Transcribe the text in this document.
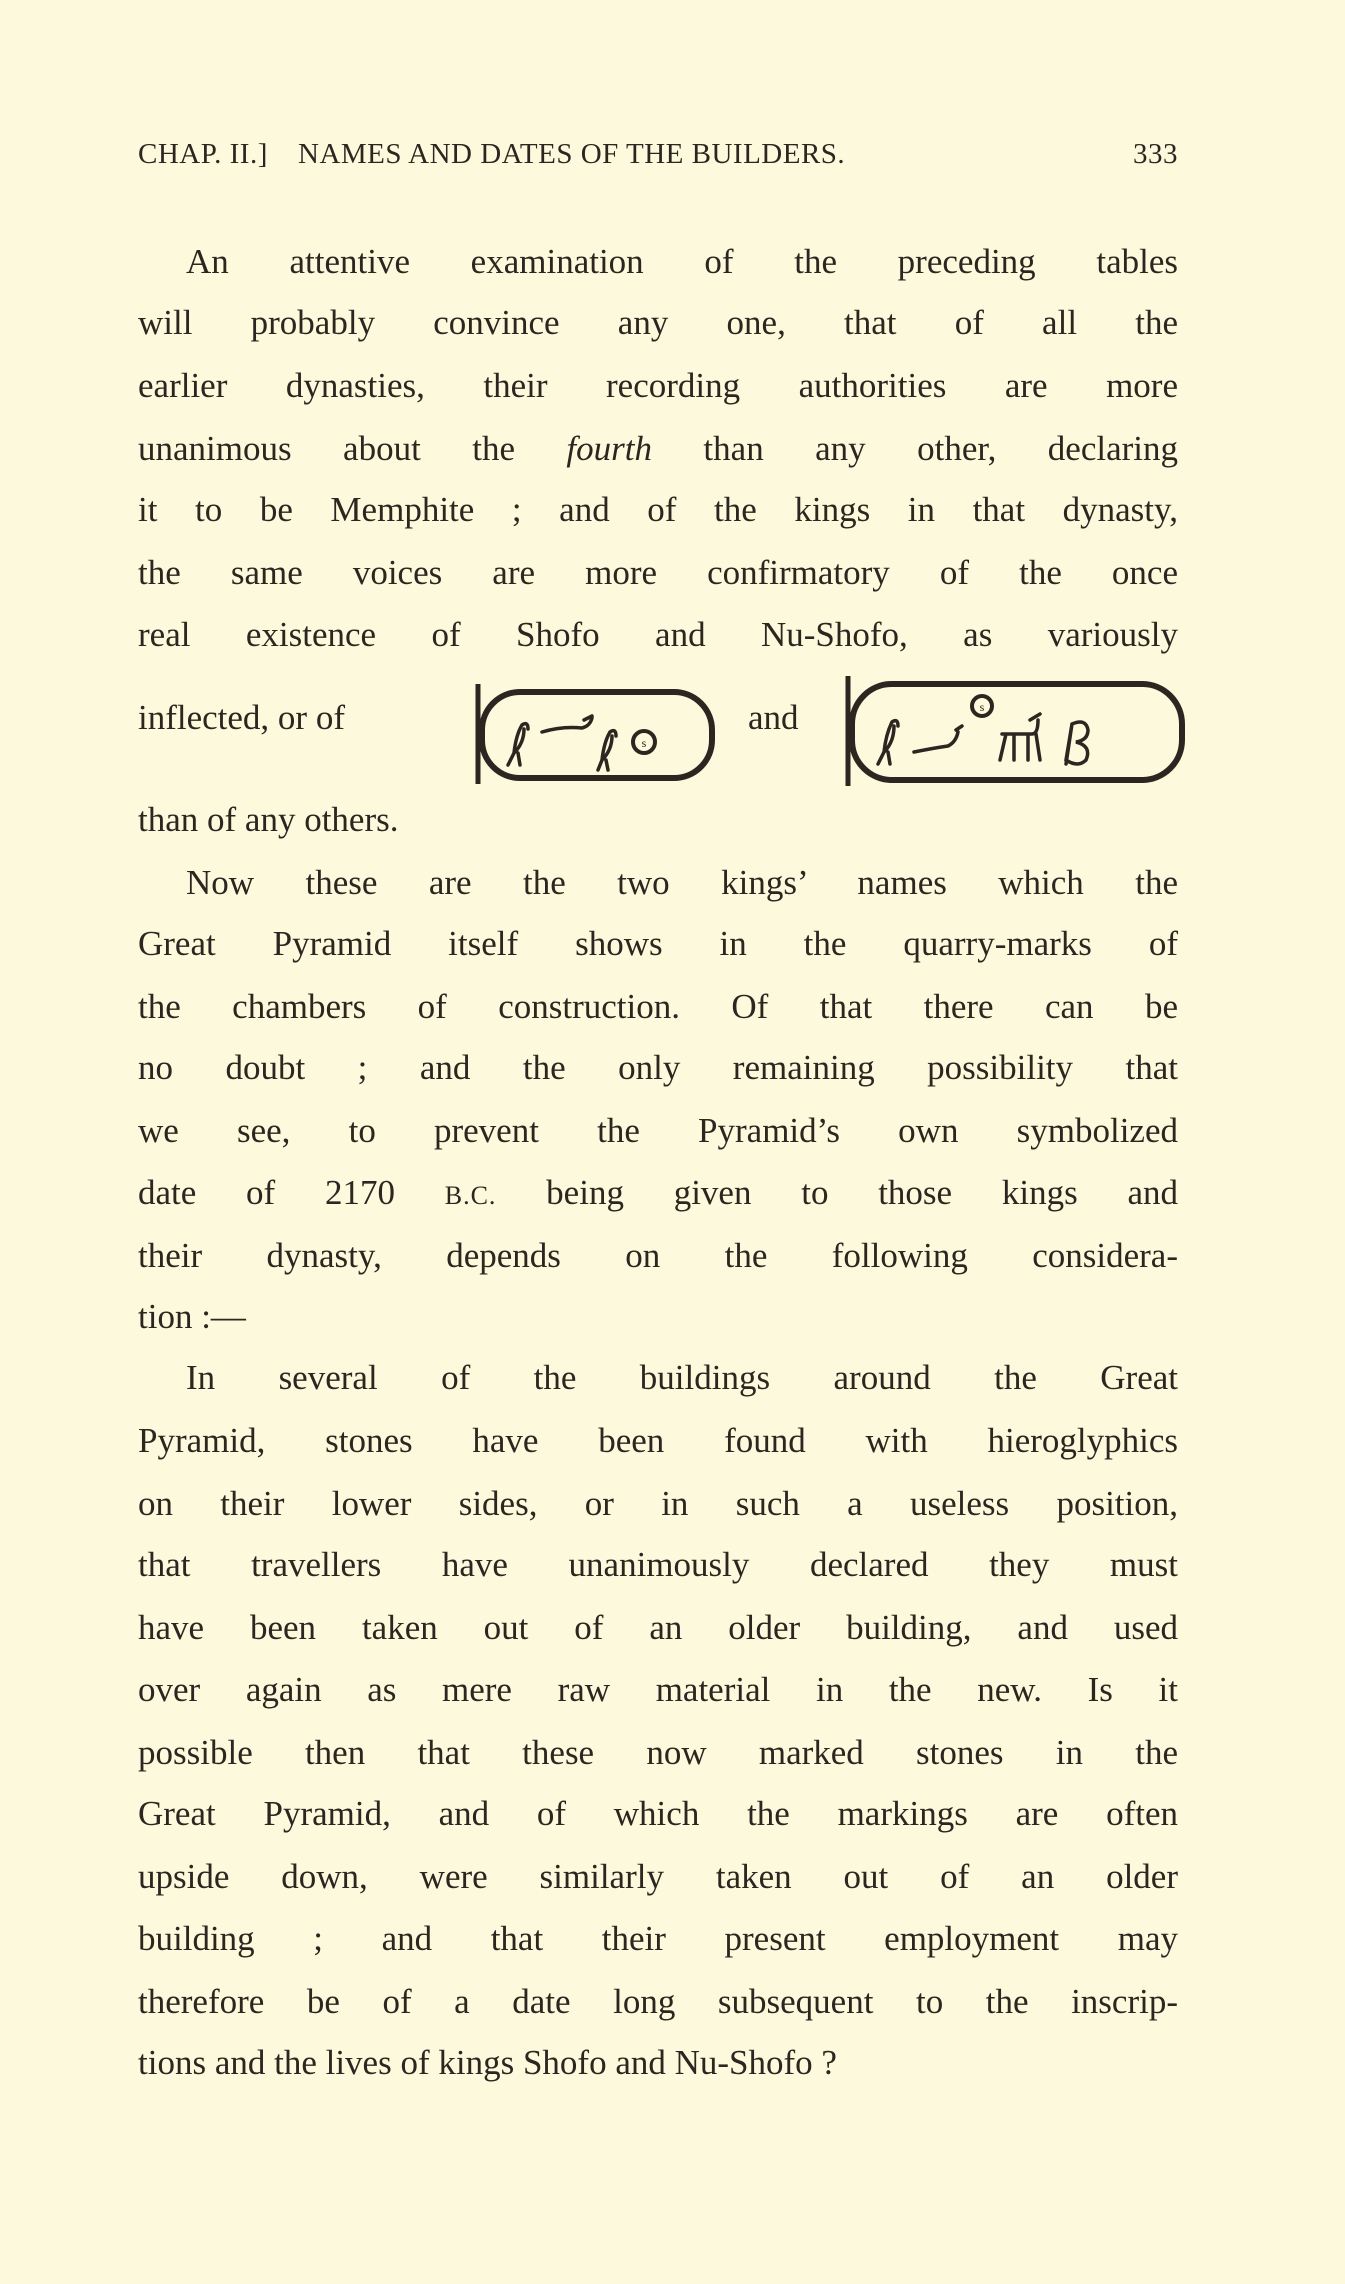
CHAP. II.] NAMES AND DATES OF THE BUILDERS.	333
An attentive examination of the preceding tables
will probably convince any one, that of all the
earlier dynasties, their recording authorities are more
unanimous about the fourth than any other, declaring
it to be Memphite ; and of the kings in that dynasty,
the same voices are more confirmatory of the once
real existence of Shofo and Nu-Shofo, as variously
than of any others.
Now these are the two kings’ names which the
Great Pyramid itself shows in the quarry-marks of
the chambers of construction. Of that there can be
no doubt ; and the only remaining possibility that
we see, to prevent the Pyramid’s own symbolized
date of 2170 B.C. being given to those kings and
their dynasty, depends on the following considera-
tion :—
In several of the buildings around the Great
Pyramid, stones have been found with hieroglyphics
on their lower sides, or in such a useless position,
that travellers have unanimously declared they must
have been taken out of an older building, and used
over again as mere raw material in the new. Is it
possible then that these now marked stones in the
Great Pyramid, and of which the markings are often
upside down, were similarly taken out of an older
building ; and that their present employment may
therefore be of a date long subsequent to the inscrip-
tions and the lives of kings Shofo and Nu-Shofo ?
inflected, or of	and
s
s
